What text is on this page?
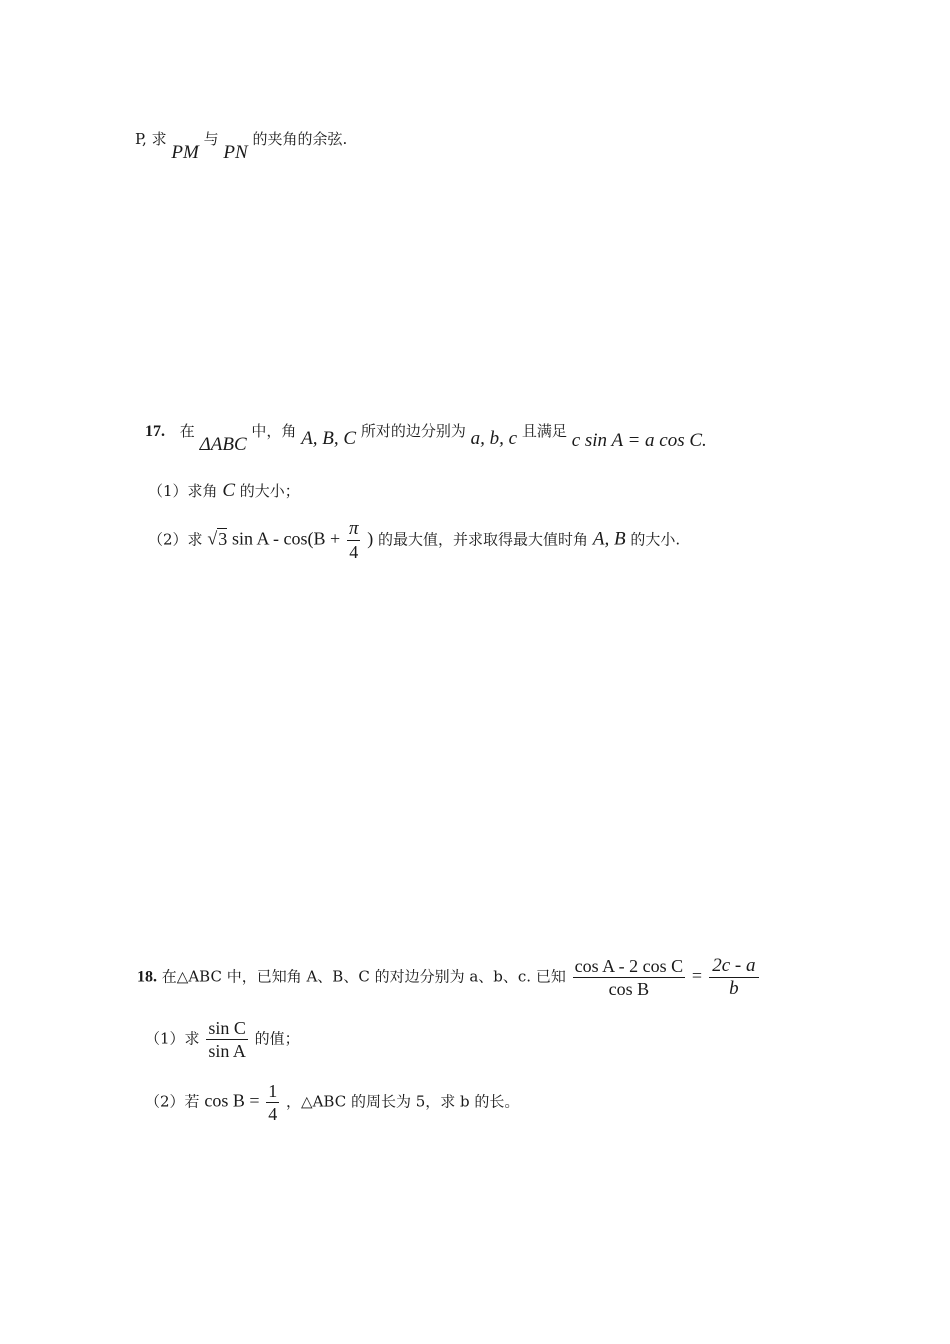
P, 求 PM 与 PN 的夹角的余弦.
17. 在 ΔABC 中，角 A, B, C 所对的边分别为 a, b, c 且满足 c sin A = a cos C.
（1）求角 C 的大小；
（2）求 √3 $\sin A - \cos(B + \frac{\pi}{4}$ ) 的最大值，并求取得最大值时角 A, B 的大小.
18. 在△ABC 中，已知角 A、B、C 的对边分别为 a、b、c. 已知 $\frac{\text{cos A - 2 cos C}}{\text{cos B}} = \frac{2c - a}{b}$
（1）求 $\frac{\text{sin C}}{\text{sin A}}$ 的值；
（2）若 $\cos B = \frac{1}{4}$ ，△ABC 的周长为 5，求 b 的长。
